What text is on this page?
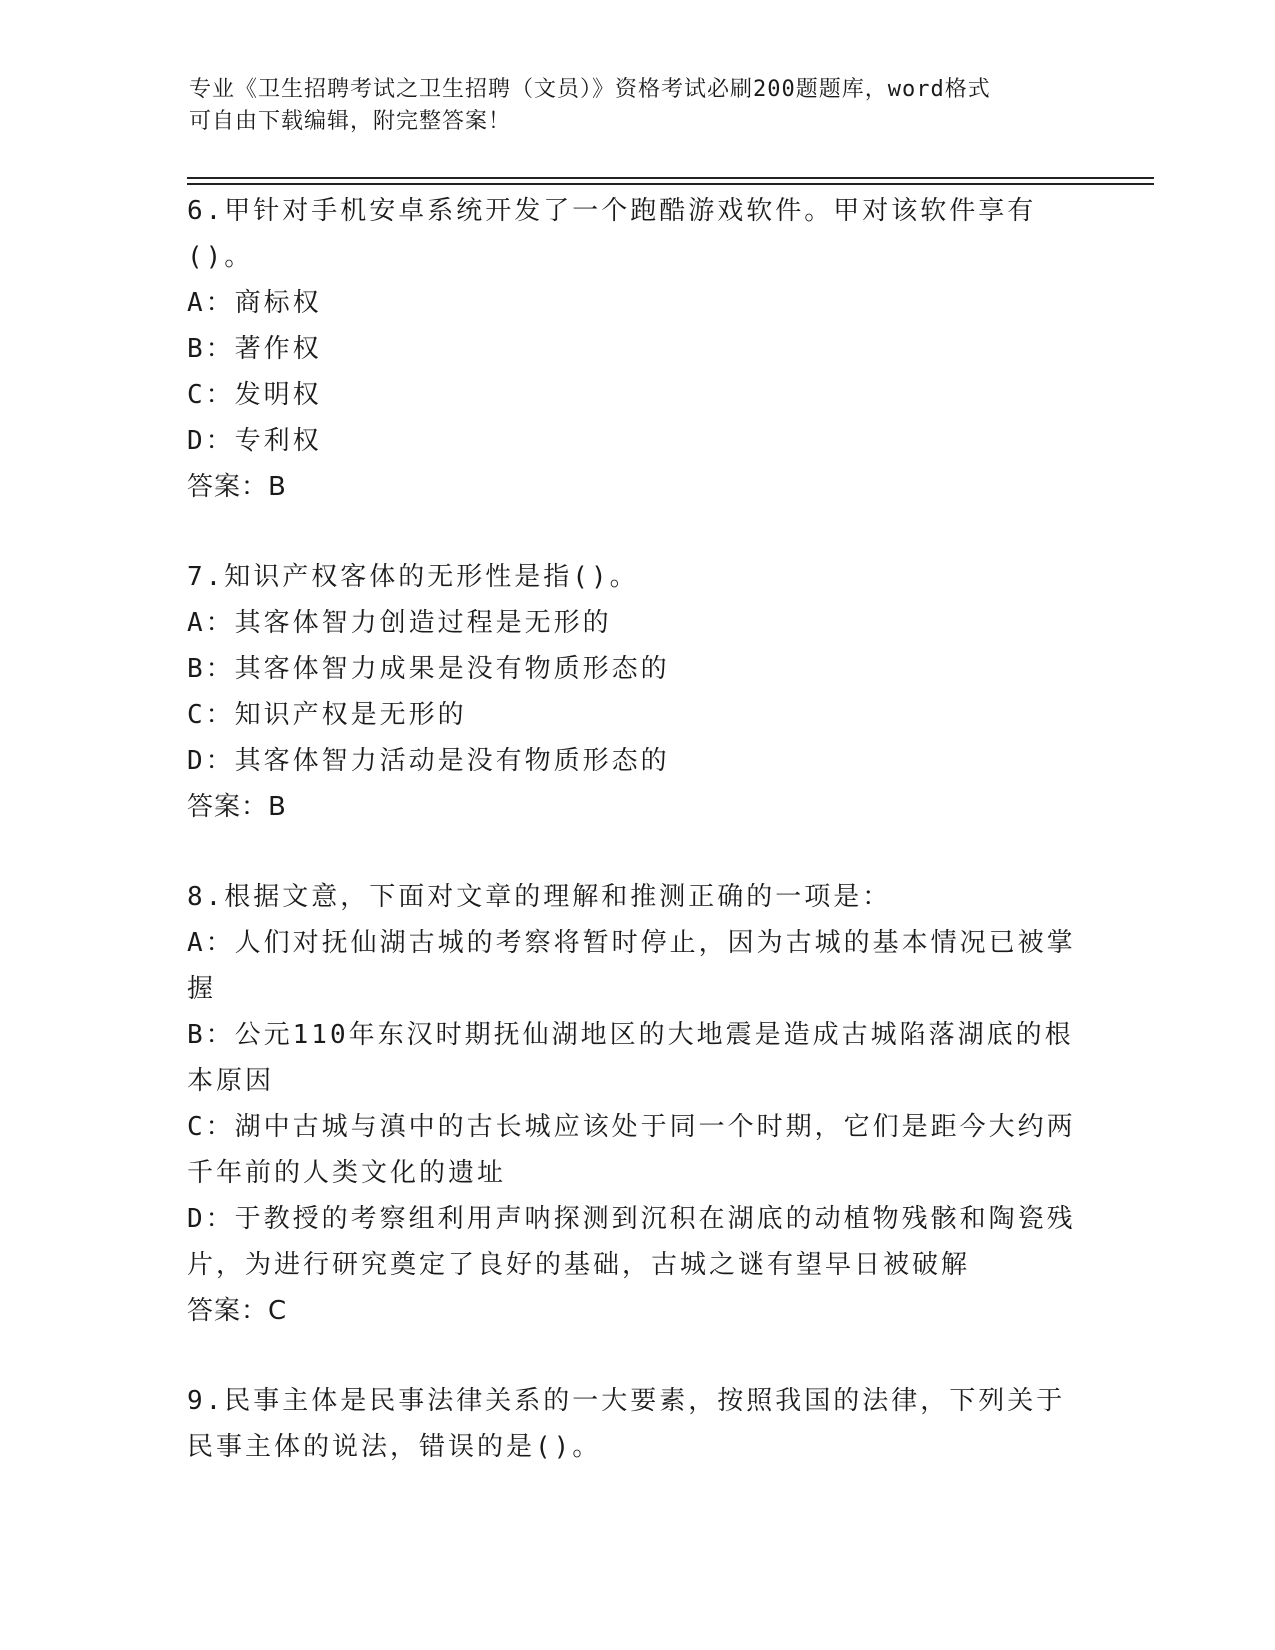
专业《卫生招聘考试之卫生招聘（文员）》资格考试必刷200题题库，word格式
可自由下载编辑，附完整答案！
6.甲针对手机安卓系统开发了一个跑酷游戏软件。甲对该软件享有()。
A：商标权
B：著作权
C：发明权
D：专利权
答案：B
7.知识产权客体的无形性是指()。
A：其客体智力创造过程是无形的
B：其客体智力成果是没有物质形态的
C：知识产权是无形的
D：其客体智力活动是没有物质形态的
答案：B
8.根据文意，下面对文章的理解和推测正确的一项是：
A：人们对抚仙湖古城的考察将暂时停止，因为古城的基本情况已被掌握
B：公元110年东汉时期抚仙湖地区的大地震是造成古城陷落湖底的根本原因
C：湖中古城与滇中的古长城应该处于同一个时期，它们是距今大约两千年前的人类文化的遗址
D：于教授的考察组利用声呐探测到沉积在湖底的动植物残骸和陶瓷残片，为进行研究奠定了良好的基础，古城之谜有望早日被破解
答案：C
9.民事主体是民事法律关系的一大要素，按照我国的法律，下列关于民事主体的说法，错误的是()。
